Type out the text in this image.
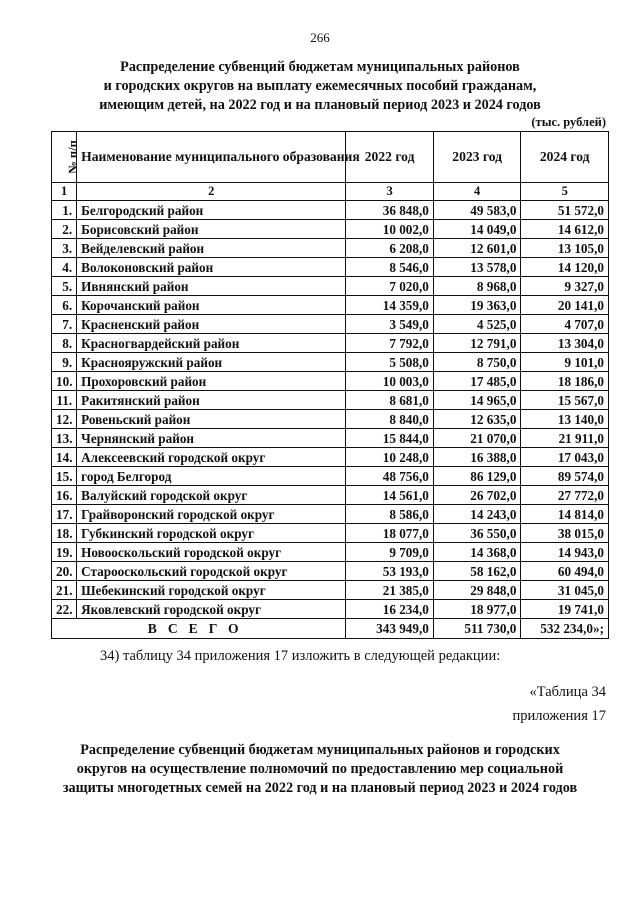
266
Распределение субвенций бюджетам муниципальных районов
и городских округов на выплату ежемесячных пособий гражданам,
имеющим детей, на 2022 год и на плановый период 2023 и 2024 годов
(тыс. рублей)
№ п/п	Наименование муниципального образования	2022 год	2023 год	2024 год
1	2	3	4	5
1.	Белгородский район	36 848,0	49 583,0	51 572,0
2.	Борисовский район	10 002,0	14 049,0	14 612,0
3.	Вейделевский район	6 208,0	12 601,0	13 105,0
4.	Волоконовский район	8 546,0	13 578,0	14 120,0
5.	Ивнянский район	7 020,0	8 968,0	9 327,0
6.	Корочанский район	14 359,0	19 363,0	20 141,0
7.	Красненский район	3 549,0	4 525,0	4 707,0
8.	Красногвардейский район	7 792,0	12 791,0	13 304,0
9.	Краснояружский район	5 508,0	8 750,0	9 101,0
10.	Прохоровский район	10 003,0	17 485,0	18 186,0
11.	Ракитянский район	8 681,0	14 965,0	15 567,0
12.	Ровеньский район	8 840,0	12 635,0	13 140,0
13.	Чернянский район	15 844,0	21 070,0	21 911,0
14.	Алексеевский городской округ	10 248,0	16 388,0	17 043,0
15.	город Белгород	48 756,0	86 129,0	89 574,0
16.	Валуйский городской округ	14 561,0	26 702,0	27 772,0
17.	Грайворонский городской округ	8 586,0	14 243,0	14 814,0
18.	Губкинский городской округ	18 077,0	36 550,0	38 015,0
19.	Новооскольский городской округ	9 709,0	14 368,0	14 943,0
20.	Старооскольский городской округ	53 193,0	58 162,0	60 494,0
21.	Шебекинский городской округ	21 385,0	29 848,0	31 045,0
22.	Яковлевский городской округ	16 234,0	18 977,0	19 741,0
ВСЕГО		343 949,0	511 730,0	532 234,0»;
34) таблицу 34 приложения 17 изложить в следующей редакции:
«Таблица 34
приложения 17
Распределение субвенций бюджетам муниципальных районов и городских
округов на осуществление полномочий по предоставлению мер социальной
защиты многодетных семей на 2022 год и на плановый период 2023 и 2024 годов
